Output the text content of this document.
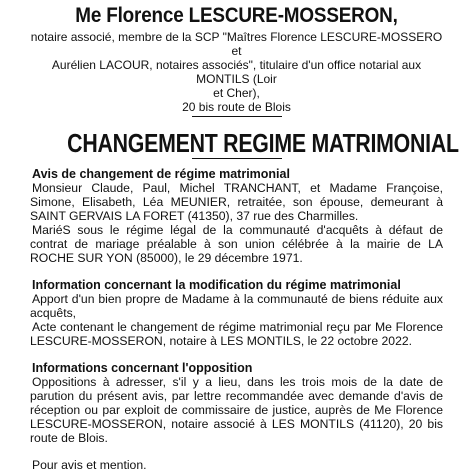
Me Florence LESCURE-MOSSERON,

notaire associé, membre de la SCP "Maîtres Florence LESCURE-MOSSERO et

Aurélien LACOUR, notaires associés", titulaire d'un office notarial aux MONTILS (Loir

et Cher),

20 bis route de Blois

CHANGEMENT REGIME MATRIMONIAL

Avis de changement de régime matrimonial

Monsieur Claude, Paul, Michel TRANCHANT, et Madame Françoise, Simone, Elisabeth, Léa MEUNIER, retraitée, son épouse, demeurant à SAINT GERVAIS LA FORET (41350), 37 rue des Charmilles.

MariéS sous le régime légal de la communauté d'acquêts à défaut de contrat de mariage préalable à son union célébrée à la mairie de LA ROCHE SUR YON (85000), le 29 décembre 1971.

Information concernant la modification du régime matrimonial

Apport d'un bien propre de Madame à la communauté de biens réduite aux acquêts,

Acte contenant le changement de régime matrimonial reçu par Me Florence LESCURE-MOSSERON, notaire à LES MONTILS, le 22 octobre 2022.

Informations concernant l'opposition

Oppositions à adresser, s'il y a lieu, dans les trois mois de la date de parution du présent avis, par lettre recommandée avec demande d'avis de réception ou par exploit de commissaire de justice, auprès de Me Florence LESCURE-MOSSERON, notaire associé à LES MONTILS (41120), 20 bis route de Blois.

Pour avis et mention.
